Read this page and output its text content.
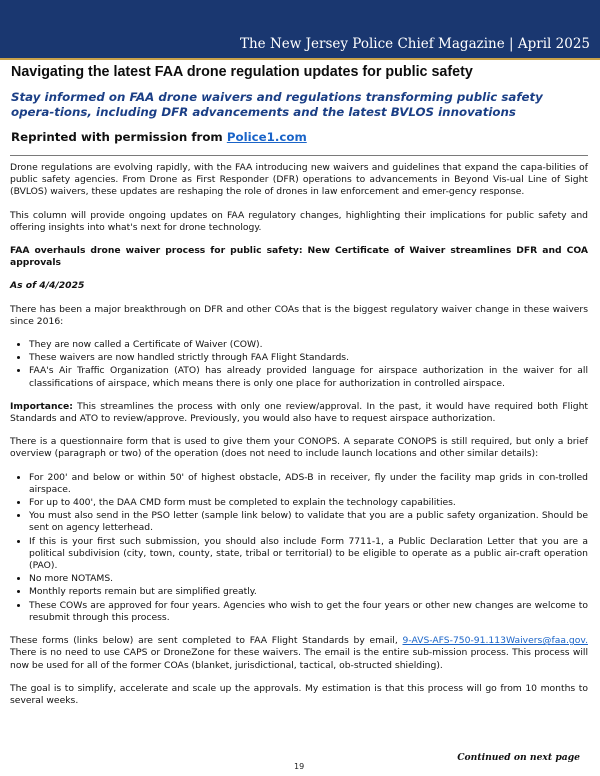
The New Jersey Police Chief Magazine | April 2025
Navigating the latest FAA drone regulation updates for public safety
Stay informed on FAA drone waivers and regulations transforming public safety opera-tions, including DFR advancements and the latest BVLOS innovations
Reprinted with permission from Police1.com

Drone regulations are evolving rapidly, with the FAA introducing new waivers and guidelines that expand the capa-bilities of public safety agencies. From Drone as First Responder (DFR) operations to advancements in Beyond Vis-ual Line of Sight (BVLOS) waivers, these updates are reshaping the role of drones in law enforcement and emer-gency response.

This column will provide ongoing updates on FAA regulatory changes, highlighting their implications for public safety and offering insights into what's next for drone technology.

FAA overhauls drone waiver process for public safety: New Certificate of Waiver streamlines DFR and COA approvals

As of 4/4/2025

There has been a major breakthrough on DFR and other COAs that is the biggest regulatory waiver change in these waivers since 2016:

• They are now called a Certificate of Waiver (COW).
• These waivers are now handled strictly through FAA Flight Standards.
• FAA's Air Traffic Organization (ATO) has already provided language for airspace authorization in the waiver for all classifications of airspace, which means there is only one place for authorization in controlled airspace.

Importance: This streamlines the process with only one review/approval. In the past, it would have required both Flight Standards and ATO to review/approve. Previously, you would also have to request airspace authorization.

There is a questionnaire form that is used to give them your CONOPS. A separate CONOPS is still required, but only a brief overview (paragraph or two) of the operation (does not need to include launch locations and other similar details):

• For 200' and below or within 50' of highest obstacle, ADS-B in receiver, fly under the facility map grids in con-trolled airspace.
• For up to 400', the DAA CMD form must be completed to explain the technology capabilities.
• You must also send in the PSO letter (sample link below) to validate that you are a public safety organization. Should be sent on agency letterhead.
• If this is your first such submission, you should also include Form 7711-1, a Public Declaration Letter that you are a political subdivision (city, town, county, state, tribal or territorial) to be eligible to operate as a public air-craft operation (PAO).
• No more NOTAMS.
• Monthly reports remain but are simplified greatly.
• These COWs are approved for four years. Agencies who wish to get the four years or other new changes are welcome to resubmit through this process.

These forms (links below) are sent completed to FAA Flight Standards by email, 9-AVS-AFS-750-91.113Waivers@faa.gov. There is no need to use CAPS or DroneZone for these waivers. The email is the entire sub-mission process. This process will now be used for all of the former COAs (blanket, jurisdictional, tactical, ob-structed shielding).

The goal is to simplify, accelerate and scale up the approvals. My estimation is that this process will go from 10 months to several weeks.

Continued on next page
19
